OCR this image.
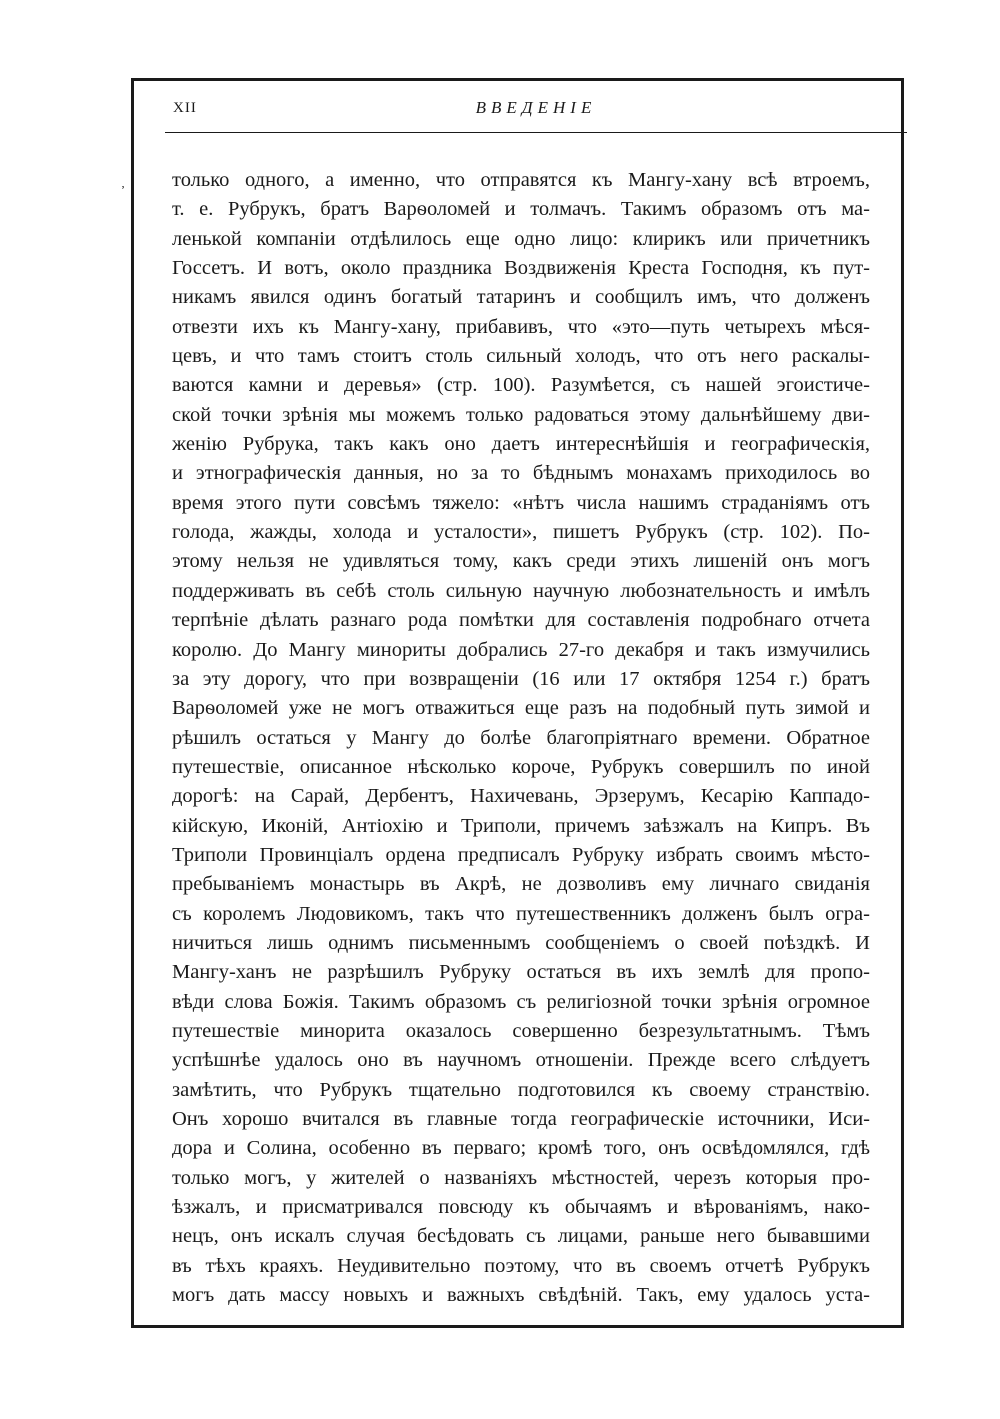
XII	ВВЕДЕНІЕ
‚ только одного, а именно, что отправятся къ Мангу-хану всѣ втроемъ,
т. е. Рубрукъ, братъ Варѳоломей и толмачъ. Такимъ образомъ отъ ма-
ленькой компаніи отдѣлилось еще одно лицо: клирикъ или причетникъ
Госсетъ. И вотъ, около праздника Воздвиженія Креста Господня, къ пут-
никамъ явился одинъ богатый татаринъ и сообщилъ имъ, что долженъ
отвезти ихъ къ Мангу-хану, прибавивъ, что «это—путь четырехъ мѣся-
цевъ, и что тамъ стоитъ столь сильный холодъ, что отъ него раскалы-
ваются камни и деревья» (стр. 100). Разумѣется, съ нашей эгоистиче-
ской точки зрѣнія мы можемъ только радоваться этому дальнѣйшему дви-
женію Рубрука, такъ какъ оно даетъ интереснѣйшія и географическія,
и этнографическія данныя, но за то бѣднымъ монахамъ приходилось во
время этого пути совсѣмъ тяжело: «нѣтъ числа нашимъ страданіямъ отъ
голода, жажды, холода и усталости», пишетъ Рубрукъ (стр. 102). По-
этому нельзя не удивляться тому, какъ среди этихъ лишеній онъ могъ
поддерживать въ себѣ столь сильную научную любознательность и имѣлъ
терпѣніе дѣлать разнаго рода помѣтки для составленія подробнаго отчета
королю. До Мангу минориты добрались 27-го декабря и такъ измучились
за эту дорогу, что при возвращеніи (16 или 17 октября 1254 г.) братъ
Варѳоломей уже не могъ отважиться еще разъ на подобный путь зимой и
рѣшилъ остаться у Мангу до болѣе благопріятнаго времени. Обратное
путешествіе, описанное нѣсколько короче, Рубрукъ совершилъ по иной
дорогѣ: на Сарай, Дербентъ, Нахичевань, Эрзерумъ, Кесарію Каппадо-
кійскую, Иконій, Антіохію и Триполи, причемъ заѣзжалъ на Кипръ. Въ
Триполи Провинціалъ ордена предписалъ Рубруку избрать своимъ мѣсто-
пребываніемъ монастырь въ Акрѣ, не дозволивъ ему личнаго свиданія
съ королемъ Людовикомъ, такъ что путешественникъ долженъ былъ огра-
ничиться лишь однимъ письменнымъ сообщеніемъ о своей поѣздкѣ. И
Мангу-ханъ не разрѣшилъ Рубруку остаться въ ихъ землѣ для пропо-
вѣди слова Божія. Такимъ образомъ съ религіозной точки зрѣнія огромное
путешествіе минорита оказалось совершенно безрезультатнымъ. Тѣмъ
успѣшнѣе удалось оно въ научномъ отношеніи. Прежде всего слѣдуетъ
замѣтить, что Рубрукъ тщательно подготовился къ своему странствію.
Онъ хорошо вчитался въ главные тогда географическіе источники, Иси-
дора и Солина, особенно въ перваго; кромѣ того, онъ освѣдомлялся, гдѣ
только могъ, у жителей о названіяхъ мѣстностей, черезъ которыя про-
ѣзжалъ, и присматривался повсюду къ обычаямъ и вѣрованіямъ, нако-
нецъ, онъ искалъ случая бесѣдовать съ лицами, раньше него бывавшими
въ тѣхъ краяхъ. Неудивительно поэтому, что въ своемъ отчетѣ Рубрукъ
могъ дать массу новыхъ и важныхъ свѣдѣній. Такъ, ему удалось уста-
